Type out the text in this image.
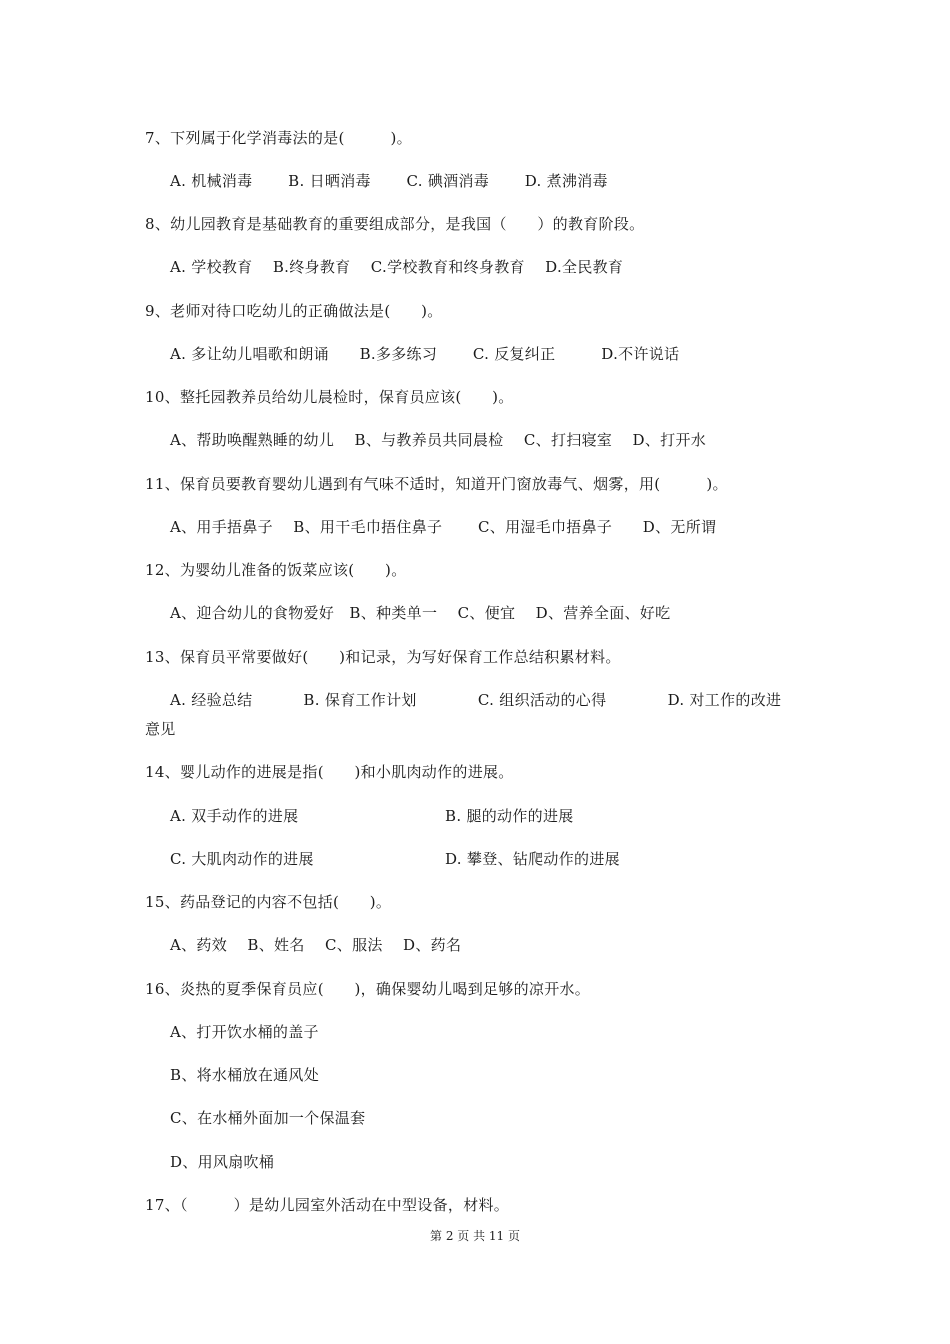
7、下列属于化学消毒法的是(　　　)。
A. 机械消毒　　 B. 日晒消毒　　 C. 碘酒消毒　　 D. 煮沸消毒
8、幼儿园教育是基础教育的重要组成部分，是我国（　　）的教育阶段。
A. 学校教育　 B.终身教育　 C.学校教育和终身教育　 D.全民教育
9、老师对待口吃幼儿的正确做法是(　　)。
A. 多让幼儿唱歌和朗诵　　B.多多练习　　 C. 反复纠正　　　D.不许说话
10、整托园教养员给幼儿晨检时，保育员应该(　　)。
A、帮助唤醒熟睡的幼儿　 B、与教养员共同晨检　 C、打扫寝室　 D、打开水
11、保育员要教育婴幼儿遇到有气味不适时，知道开门窗放毒气、烟雾，用(　　　)。
A、用手捂鼻子　 B、用干毛巾捂住鼻子　　 C、用湿毛巾捂鼻子　　D、无所谓
12、为婴幼儿准备的饭菜应该(　　)。
A、迎合幼儿的食物爱好　B、种类单一　 C、便宜　 D、营养全面、好吃
13、保育员平常要做好(　　)和记录，为写好保育工作总结积累材料。
A. 经验总结　　　 B. 保育工作计划　　　　C. 组织活动的心得　　　　D. 对工作的改进
意见
14、婴儿动作的进展是指(　　)和小肌肉动作的进展。
A. 双手动作的进展	B. 腿的动作的进展
C. 大肌肉动作的进展	D. 攀登、钻爬动作的进展
15、药品登记的内容不包括(　　)。
A、药效　 B、姓名　 C、服法　 D、药名
16、炎热的夏季保育员应(　　)，确保婴幼儿喝到足够的凉开水。
A、打开饮水桶的盖子
B、将水桶放在通风处
C、在水桶外面加一个保温套
D、用风扇吹桶
17、（　　　）是幼儿园室外活动在中型设备，材料。
第 2 页 共 11 页
